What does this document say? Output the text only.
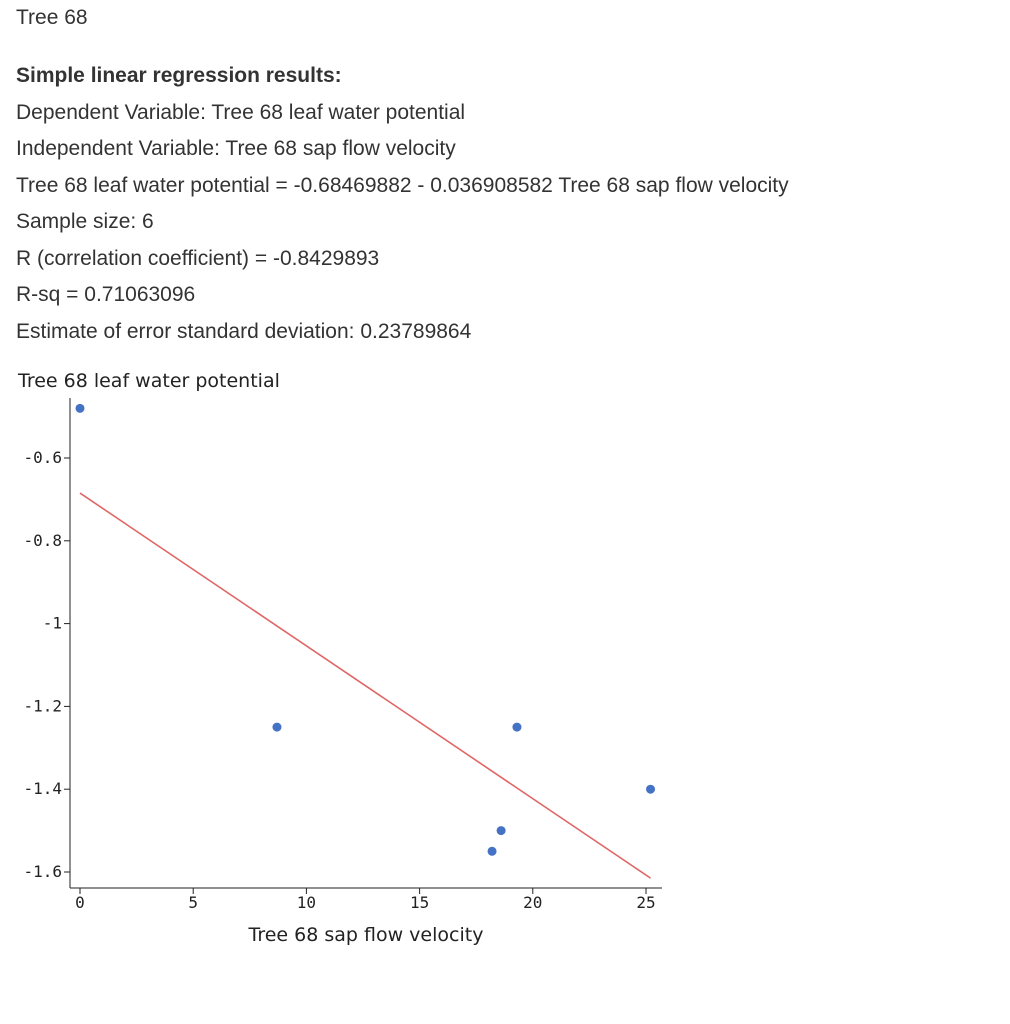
Tree 68
Simple linear regression results:
Dependent Variable: Tree 68 leaf water potential
Independent Variable: Tree 68 sap flow velocity
Tree 68 leaf water potential = -0.68469882 - 0.036908582 Tree 68 sap flow velocity
Sample size: 6
R (correlation coefficient) = -0.8429893
R-sq = 0.71063096
Estimate of error standard deviation: 0.23789864
Tree 68 leaf water potential
Tree 68 sap flow velocity
-0.6
-0.8
-1
-1.2
-1.4
-1.6
0	5	10	15	20	25
